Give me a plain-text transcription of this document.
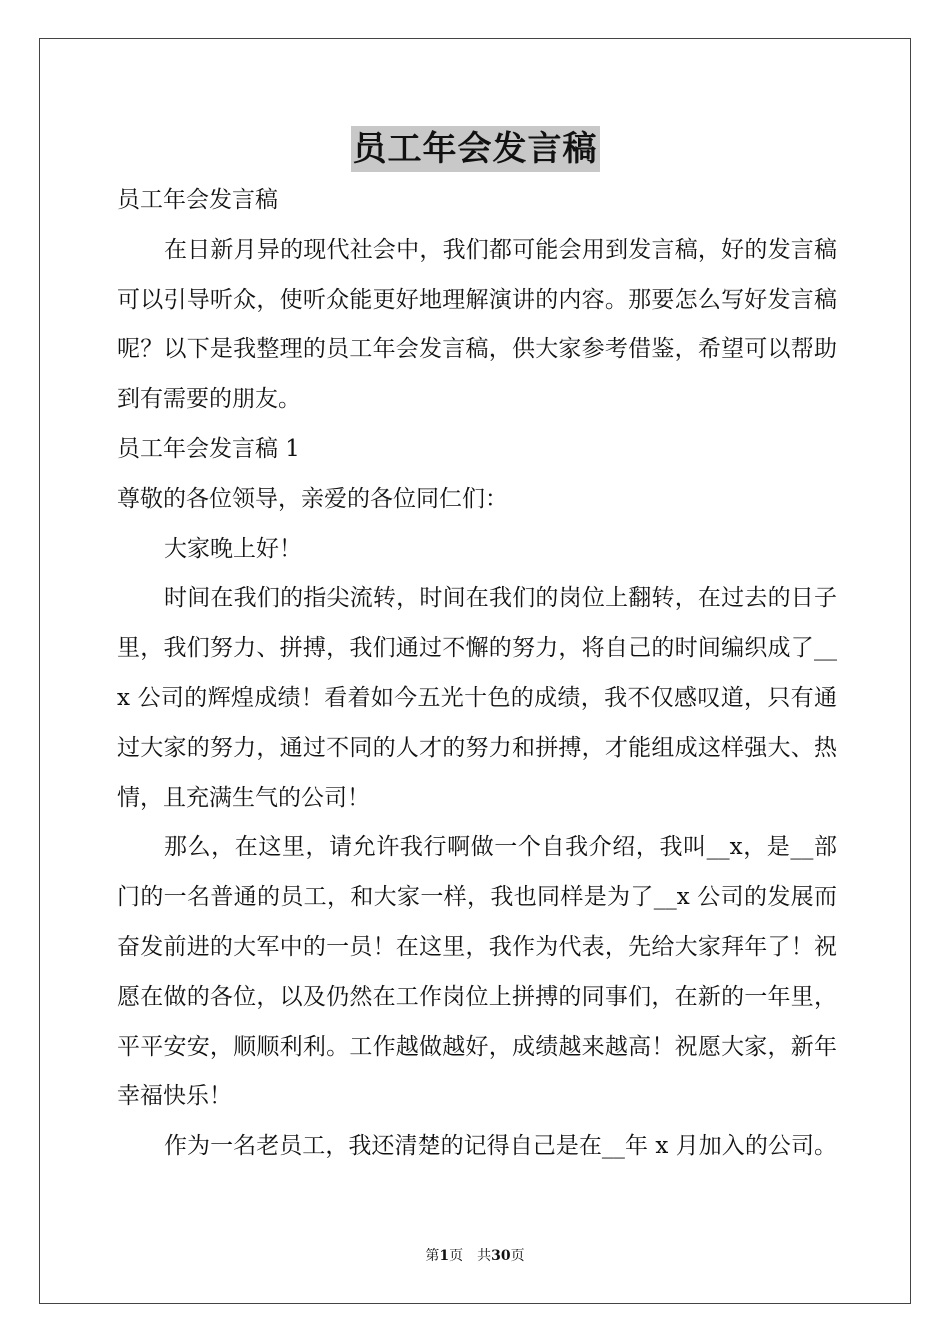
员工年会发言稿

员工年会发言稿

在日新月异的现代社会中，我们都可能会用到发言稿，好的发言稿可以引导听众，使听众能更好地理解演讲的内容。那要怎么写好发言稿呢？以下是我整理的员工年会发言稿，供大家参考借鉴，希望可以帮助到有需要的朋友。

员工年会发言稿 1

尊敬的各位领导，亲爱的各位同仁们：

大家晚上好！

时间在我们的指尖流转，时间在我们的岗位上翻转，在过去的日子里，我们努力、拼搏，我们通过不懈的努力，将自己的时间编织成了__x 公司的辉煌成绩！看着如今五光十色的成绩，我不仅感叹道，只有通过大家的努力，通过不同的人才的努力和拼搏，才能组成这样强大、热情，且充满生气的公司！

那么，在这里，请允许我行啊做一个自我介绍，我叫__x，是__部门的一名普通的员工，和大家一样，我也同样是为了__x 公司的发展而奋发前进的大军中的一员！在这里，我作为代表，先给大家拜年了！祝愿在做的各位，以及仍然在工作岗位上拼搏的同事们，在新的一年里，平平安安，顺顺利利。工作越做越好，成绩越来越高！祝愿大家，新年幸福快乐！

作为一名老员工，我还清楚的记得自己是在__年 x 月加入的公司。

第1页　共30页
